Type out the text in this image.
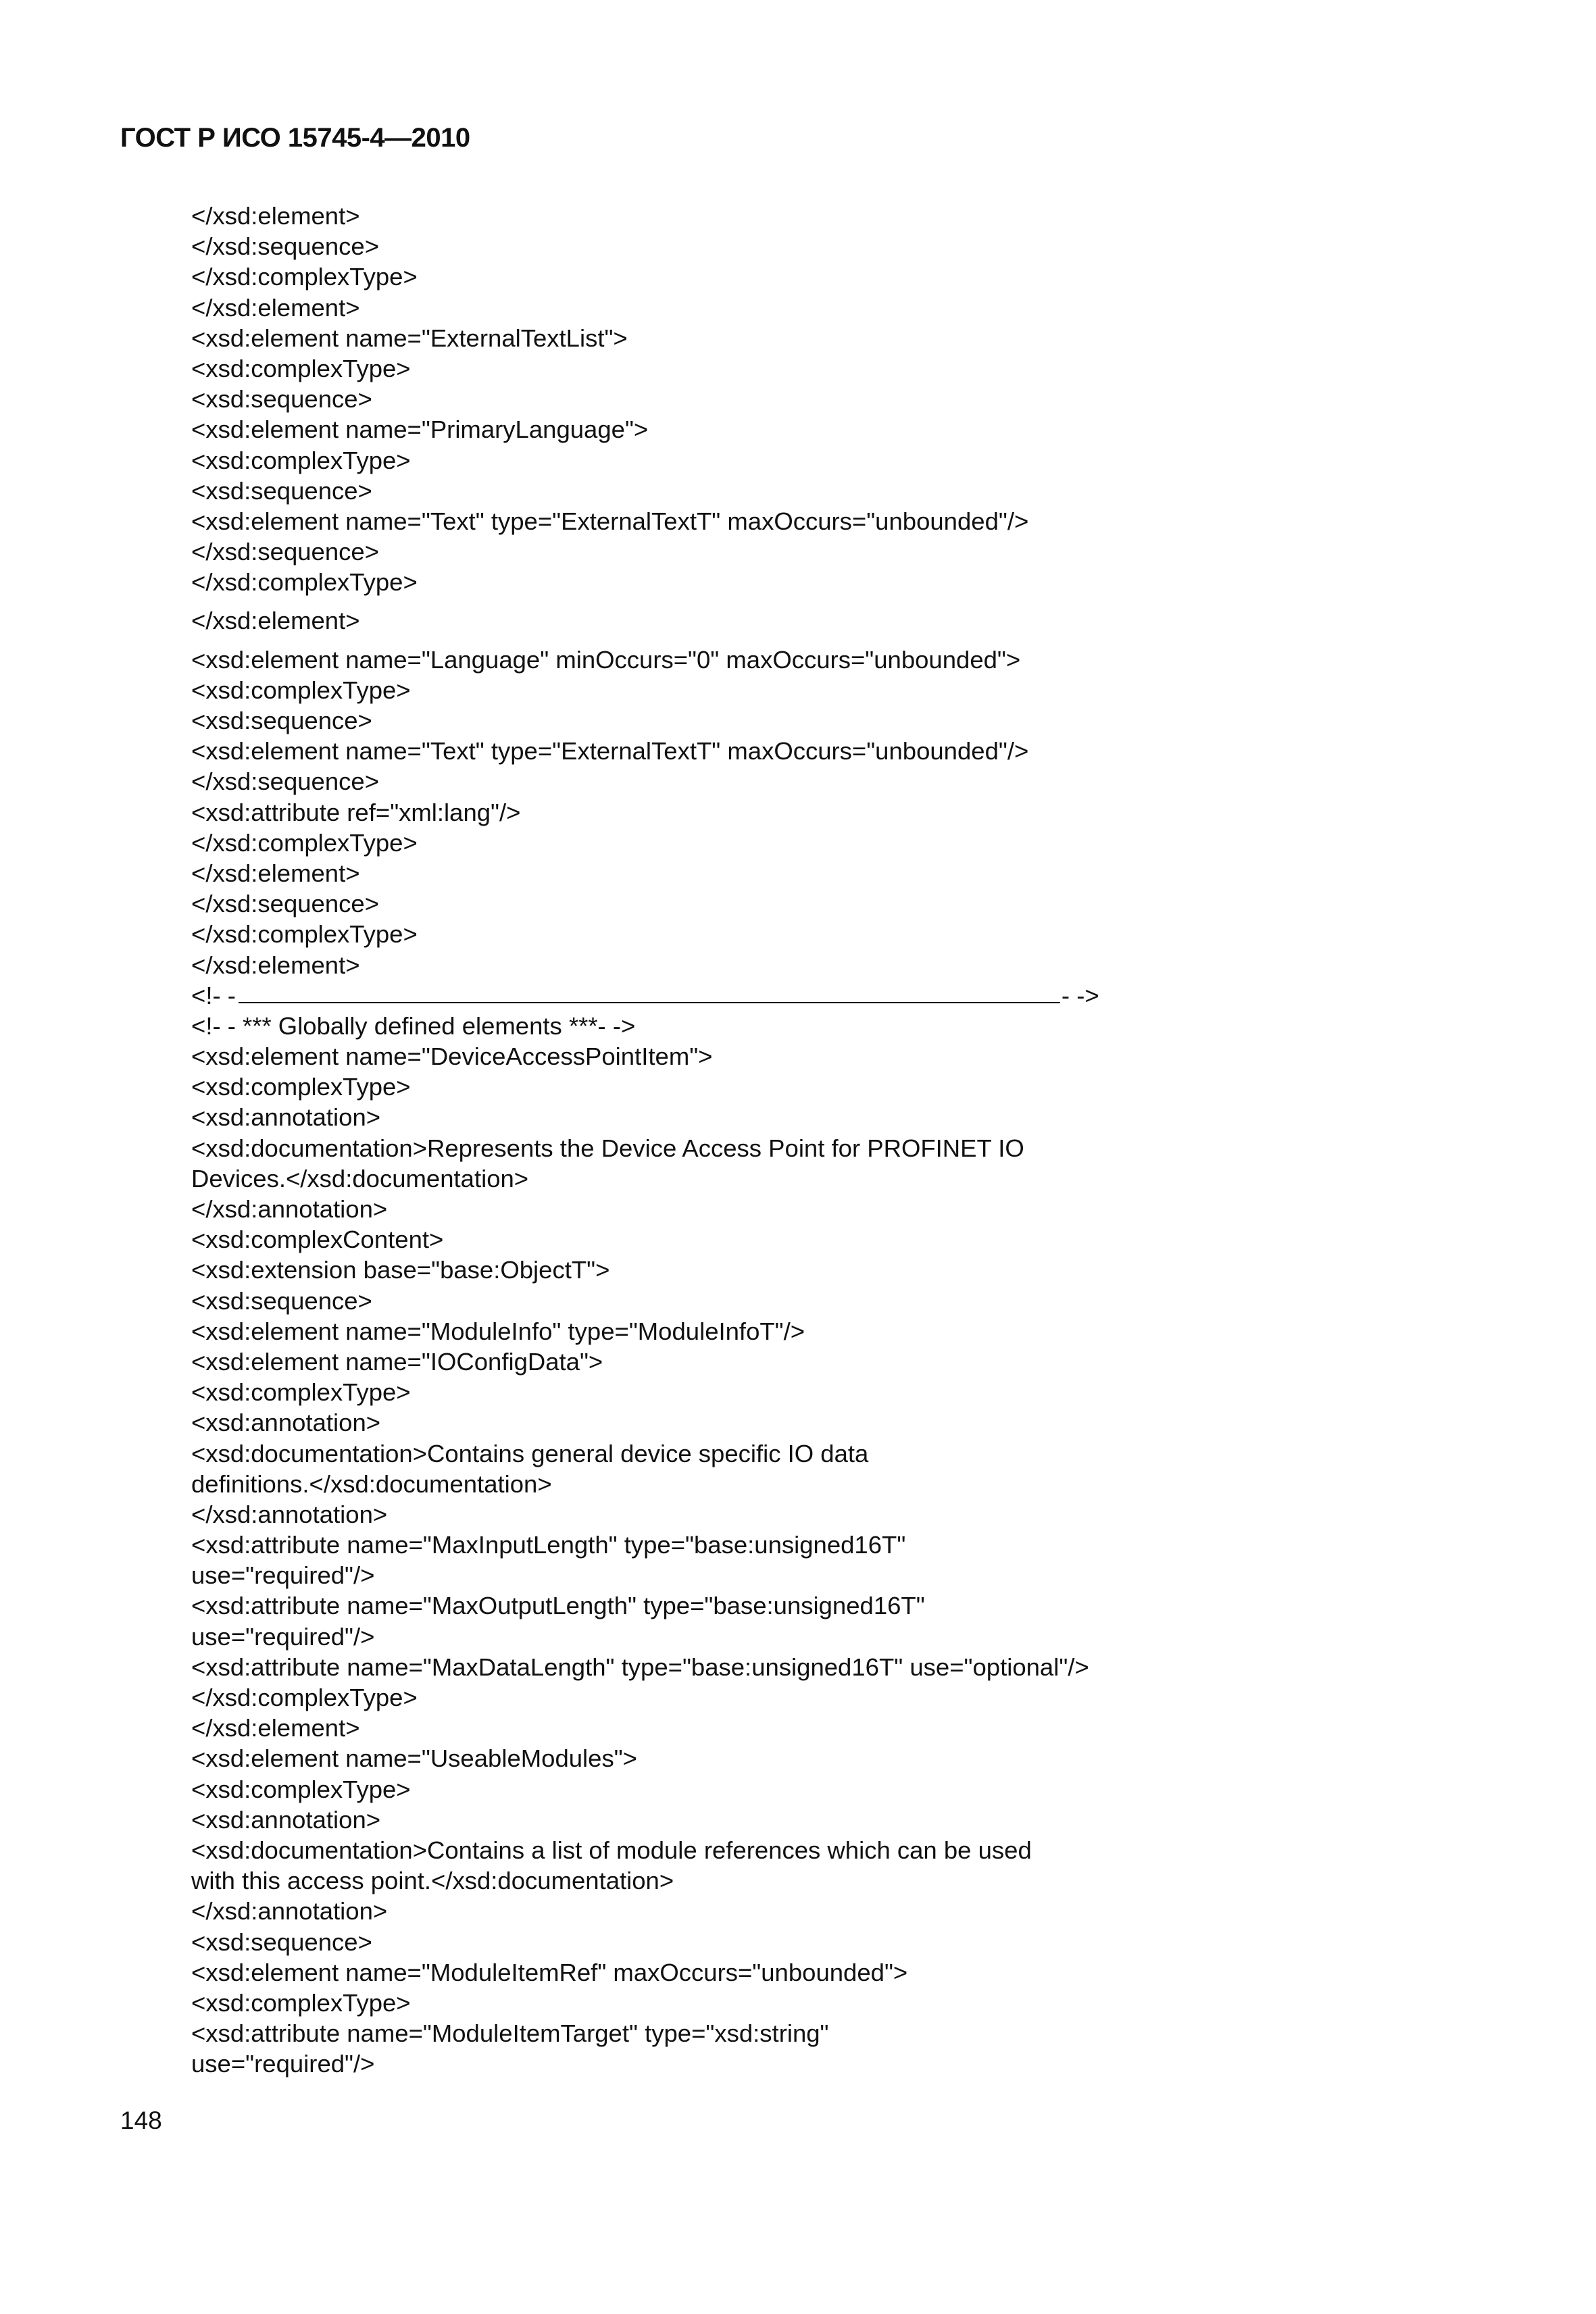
ГОСТ Р ИСО 15745-4—2010
</xsd:element>
</xsd:sequence>
</xsd:complexType>
</xsd:element>
<xsd:element name="ExternalTextList">
<xsd:complexType>
<xsd:sequence>
<xsd:element name="PrimaryLanguage">
<xsd:complexType>
<xsd:sequence>
<xsd:element name="Text" type="ExternalTextT" maxOccurs="unbounded"/>
</xsd:sequence>
</xsd:complexType>
</xsd:element>
<xsd:element name="Language" minOccurs="0" maxOccurs="unbounded">
<xsd:complexType>
<xsd:sequence>
<xsd:element name="Text" type="ExternalTextT" maxOccurs="unbounded"/>
</xsd:sequence>
<xsd:attribute ref="xml:lang"/>
</xsd:complexType>
</xsd:element>
</xsd:sequence>
</xsd:complexType>
</xsd:element>
<!- -	- ->
<!- - *** Globally defined elements ***- ->
<xsd:element name="DeviceAccessPointItem">
<xsd:complexType>
<xsd:annotation>
<xsd:documentation>Represents the Device Access Point for PROFINET IO
Devices.</xsd:documentation>
</xsd:annotation>
<xsd:complexContent>
<xsd:extension base="base:ObjectT">
<xsd:sequence>
<xsd:element name="ModuleInfo" type="ModuleInfoT"/>
<xsd:element name="IOConfigData">
<xsd:complexType>
<xsd:annotation>
<xsd:documentation>Contains general device specific IO data
definitions.</xsd:documentation>
</xsd:annotation>
<xsd:attribute name="MaxInputLength" type="base:unsigned16T"
use="required"/>
<xsd:attribute name="MaxOutputLength" type="base:unsigned16T"
use="required"/>
<xsd:attribute name="MaxDataLength" type="base:unsigned16T" use="optional"/>
</xsd:complexType>
</xsd:element>
<xsd:element name="UseableModules">
<xsd:complexType>
<xsd:annotation>
<xsd:documentation>Contains a list of module references which can be used
with this access point.</xsd:documentation>
</xsd:annotation>
<xsd:sequence>
<xsd:element name="ModuleItemRef" maxOccurs="unbounded">
<xsd:complexType>
<xsd:attribute name="ModuleItemTarget" type="xsd:string"
use="required"/>
148
